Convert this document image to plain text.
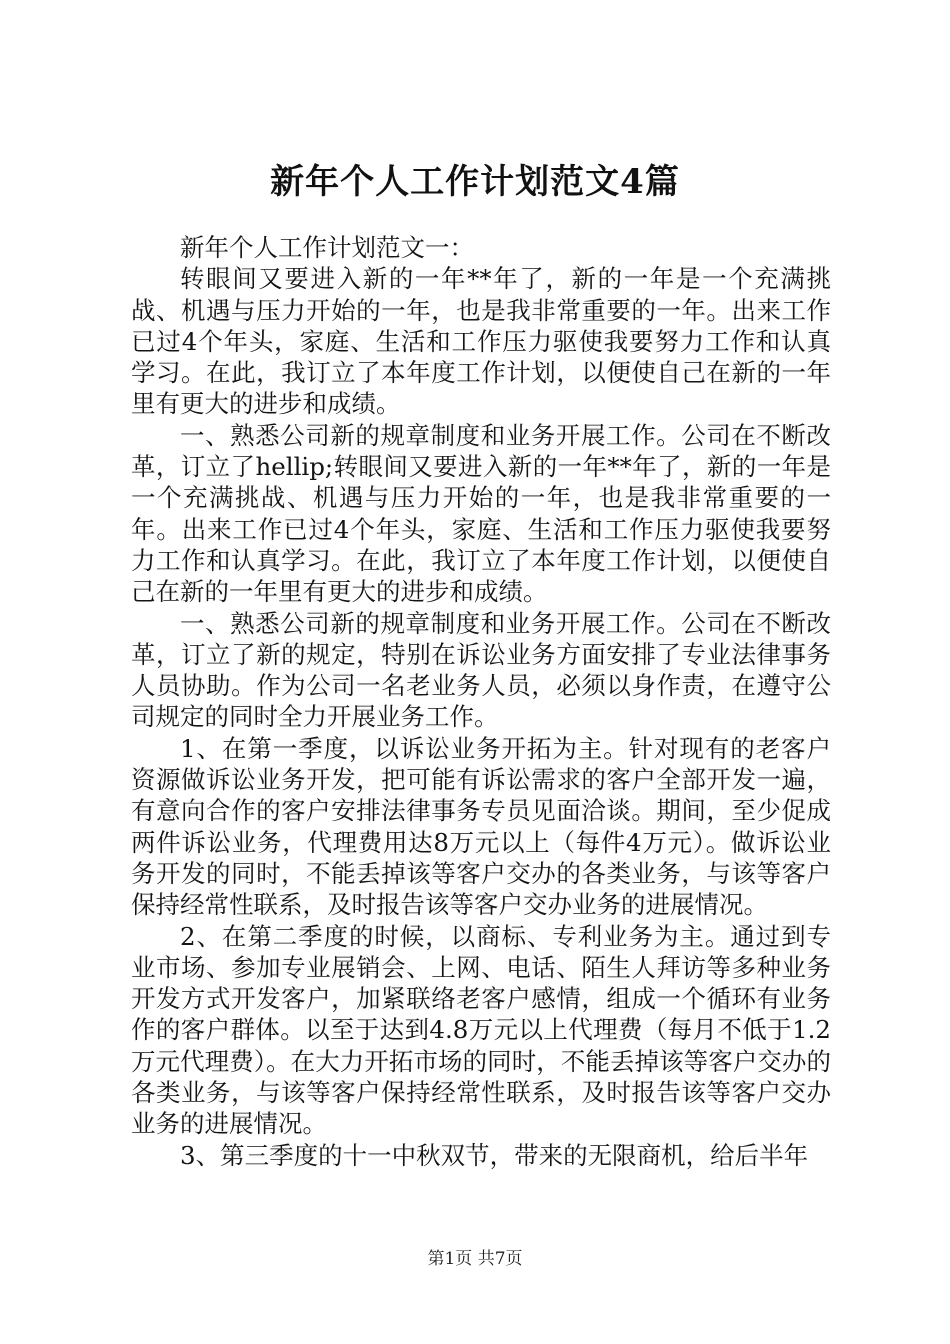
新年个人工作计划范文4篇

新年个人工作计划范文一：

转眼间又要进入新的一年**年了，新的一年是一个充满挑战、机遇与压力开始的一年，也是我非常重要的一年。出来工作已过4个年头，家庭、生活和工作压力驱使我要努力工作和认真学习。在此，我订立了本年度工作计划，以便使自己在新的一年里有更大的进步和成绩。

一、熟悉公司新的规章制度和业务开展工作。公司在不断改革，订立了hellip;转眼间又要进入新的一年**年了，新的一年是一个充满挑战、机遇与压力开始的一年，也是我非常重要的一年。出来工作已过4个年头，家庭、生活和工作压力驱使我要努力工作和认真学习。在此，我订立了本年度工作计划，以便使自己在新的一年里有更大的进步和成绩。

一、熟悉公司新的规章制度和业务开展工作。公司在不断改革，订立了新的规定，特别在诉讼业务方面安排了专业法律事务人员协助。作为公司一名老业务人员，必须以身作责，在遵守公司规定的同时全力开展业务工作。

1、在第一季度，以诉讼业务开拓为主。针对现有的老客户资源做诉讼业务开发，把可能有诉讼需求的客户全部开发一遍，有意向合作的客户安排法律事务专员见面洽谈。期间，至少促成两件诉讼业务，代理费用达8万元以上（每件4万元）。做诉讼业务开发的同时，不能丢掉该等客户交办的各类业务，与该等客户保持经常性联系，及时报告该等客户交办业务的进展情况。

2、在第二季度的时候，以商标、专利业务为主。通过到专业市场、参加专业展销会、上网、电话、陌生人拜访等多种业务开发方式开发客户，加紧联络老客户感情，组成一个循环有业务作的客户群体。以至于达到4.8万元以上代理费（每月不低于1.2万元代理费）。在大力开拓市场的同时，不能丢掉该等客户交办的各类业务，与该等客户保持经常性联系，及时报告该等客户交办业务的进展情况。

3、第三季度的十一中秋双节，带来的无限商机，给后半年

第1页 共7页
